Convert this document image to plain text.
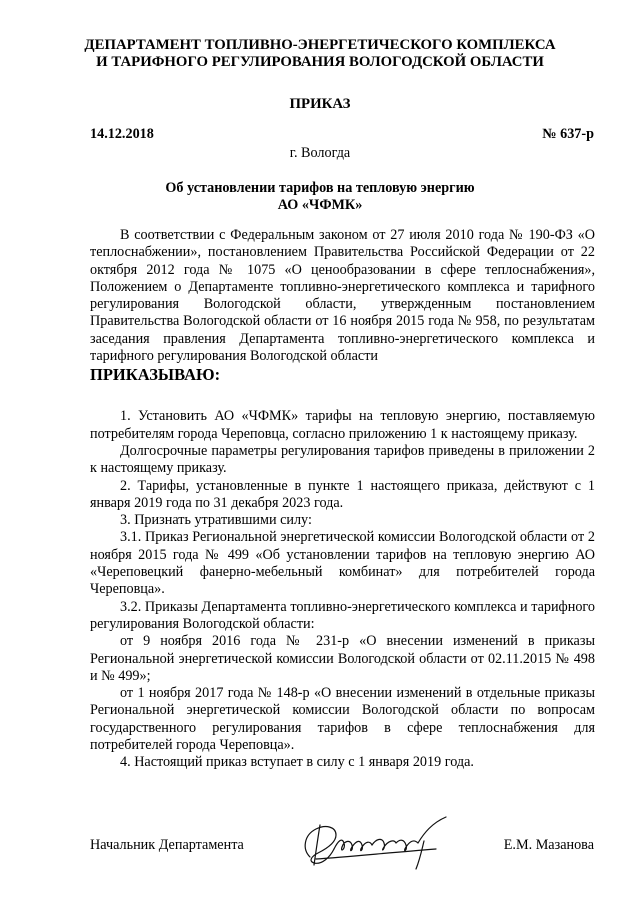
ДЕПАРТАМЕНТ ТОПЛИВНО-ЭНЕРГЕТИЧЕСКОГО КОМПЛЕКСА
И ТАРИФНОГО РЕГУЛИРОВАНИЯ ВОЛОГОДСКОЙ ОБЛАСТИ
ПРИКАЗ
14.12.2018	№ 637-р
г. Вологда
Об установлении тарифов на тепловую энергию
АО «ЧФМК»

В соответствии с Федеральным законом от 27 июля 2010 года № 190-ФЗ «О теплоснабжении», постановлением Правительства Российской Федерации от 22 октября 2012 года № 1075 «О ценообразовании в сфере теплоснабжения», Положением о Департаменте топливно-энергетического комплекса и тарифного регулирования Вологодской области, утвержденным постановлением Правительства Вологодской области от 16 ноября 2015 года № 958, по результатам заседания правления Департамента топливно-энергетического комплекса и тарифного регулирования Вологодской области

ПРИКАЗЫВАЮ:

1. Установить АО «ЧФМК» тарифы на тепловую энергию, поставляемую потребителям города Череповца, согласно приложению 1 к настоящему приказу.

Долгосрочные параметры регулирования тарифов приведены в приложении 2 к настоящему приказу.

2. Тарифы, установленные в пункте 1 настоящего приказа, действуют с 1 января 2019 года по 31 декабря 2023 года.

3. Признать утратившими силу:

3.1. Приказ Региональной энергетической комиссии Вологодской области от 2 ноября 2015 года № 499 «Об установлении тарифов на тепловую энергию АО «Череповецкий фанерно-мебельный комбинат» для потребителей города Череповца».

3.2. Приказы Департамента топливно-энергетического комплекса и тарифного регулирования Вологодской области:

от 9 ноября 2016 года № 231-р «О внесении изменений в приказы Региональной энергетической комиссии Вологодской области от 02.11.2015 № 498 и № 499»;

от 1 ноября 2017 года № 148-р «О внесении изменений в отдельные приказы Региональной энергетической комиссии Вологодской области по вопросам государственного регулирования тарифов в сфере теплоснабжения для потребителей города Череповца».

4. Настоящий приказ вступает в силу с 1 января 2019 года.

Начальник Департамента	Е.М. Мазанова
